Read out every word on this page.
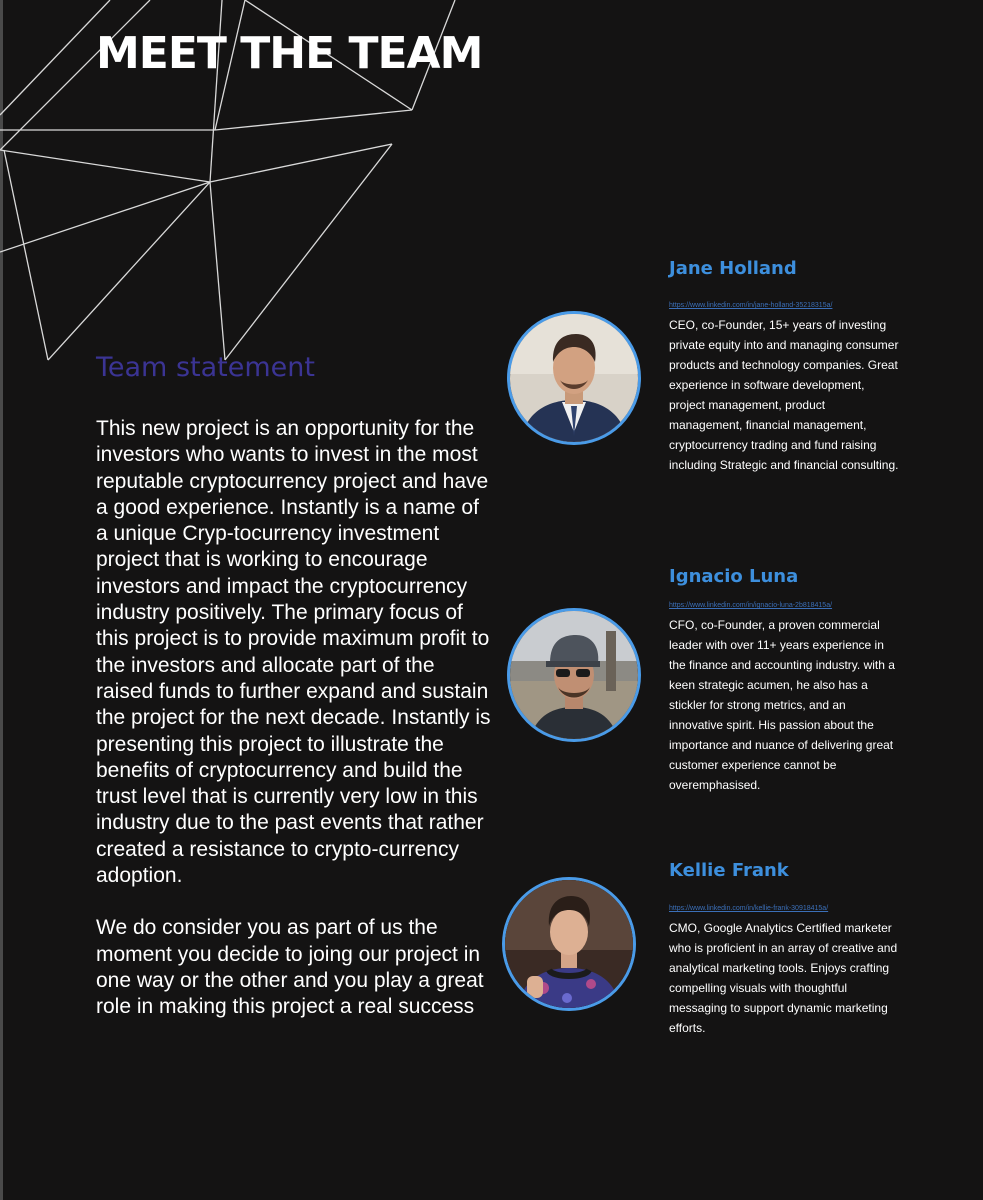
MEET THE TEAM
Team statement

This new project is an opportunity for the investors who wants to invest in the most reputable cryptocurrency project and have a good experience. Instantly is a name of a unique Cryp-tocurrency investment project that is working to encourage investors and impact the cryptocurrency industry positively. The primary focus of this project is to provide maximum profit to the investors and allocate part of the raised funds to further expand and sustain the project for the next decade. Instantly is presenting this project to illustrate the benefits of cryptocurrency and build the trust level that is currently very low in this industry due to the past events that rather created a resistance to crypto-currency adoption.

We do consider you as part of us the moment you decide to joing our project in one way or the other and you play a great role in making this project a real success

Jane Holland
https://www.linkedin.com/in/jane-holland-35218315a/

CEO, co-Founder, 15+ years of investing private equity into and managing consumer products and technology companies. Great experience in software development, project management, product management, financial management, cryptocurrency trading and fund raising including Strategic and financial consulting.

Ignacio Luna
https://www.linkedin.com/in/ignacio-luna-2b818415a/

CFO, co-Founder, a proven commercial leader with over 11+ years experience in the finance and accounting industry. with a keen strategic acumen, he also has a stickler for strong metrics, and an innovative spirit. His passion about the importance and nuance of delivering great customer experience cannot be overemphasised.

Kellie Frank
https://www.linkedin.com/in/kellie-frank-30918415a/

CMO, Google Analytics Certified marketer who is proficient in an array of creative and analytical marketing tools. Enjoys crafting compelling visuals with thoughtful messaging to support dynamic marketing efforts.
